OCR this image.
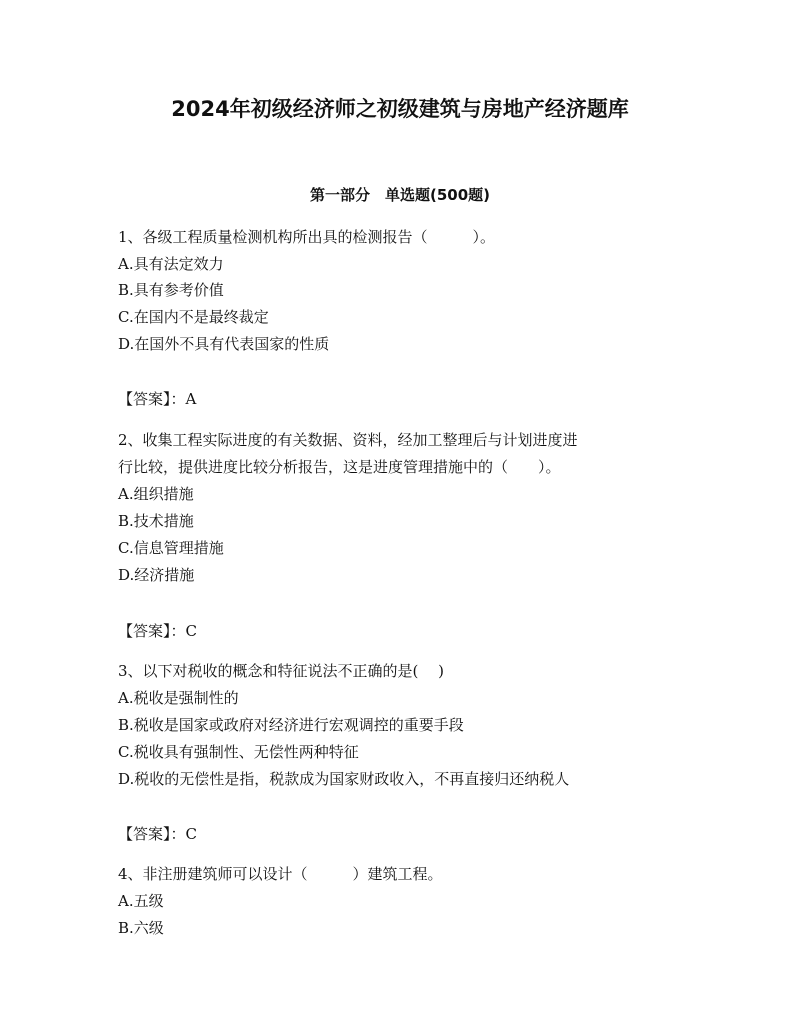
2024年初级经济师之初级建筑与房地产经济题库
第一部分　单选题(500题)
1、各级工程质量检测机构所出具的检测报告（　　　）。
A.具有法定效力
B.具有参考价值
C.在国内不是最终裁定
D.在国外不具有代表国家的性质
【答案】：A
2、收集工程实际进度的有关数据、资料，经加工整理后与计划进度进
行比较，提供进度比较分析报告，这是进度管理措施中的（　　）。
A.组织措施
B.技术措施
C.信息管理措施
D.经济措施
【答案】：C
3、以下对税收的概念和特征说法不正确的是(　 )
A.税收是强制性的
B.税收是国家或政府对经济进行宏观调控的重要手段
C.税收具有强制性、无偿性两种特征
D.税收的无偿性是指，税款成为国家财政收入，不再直接归还纳税人
【答案】：C
4、非注册建筑师可以设计（　　　）建筑工程。
A.五级
B.六级
